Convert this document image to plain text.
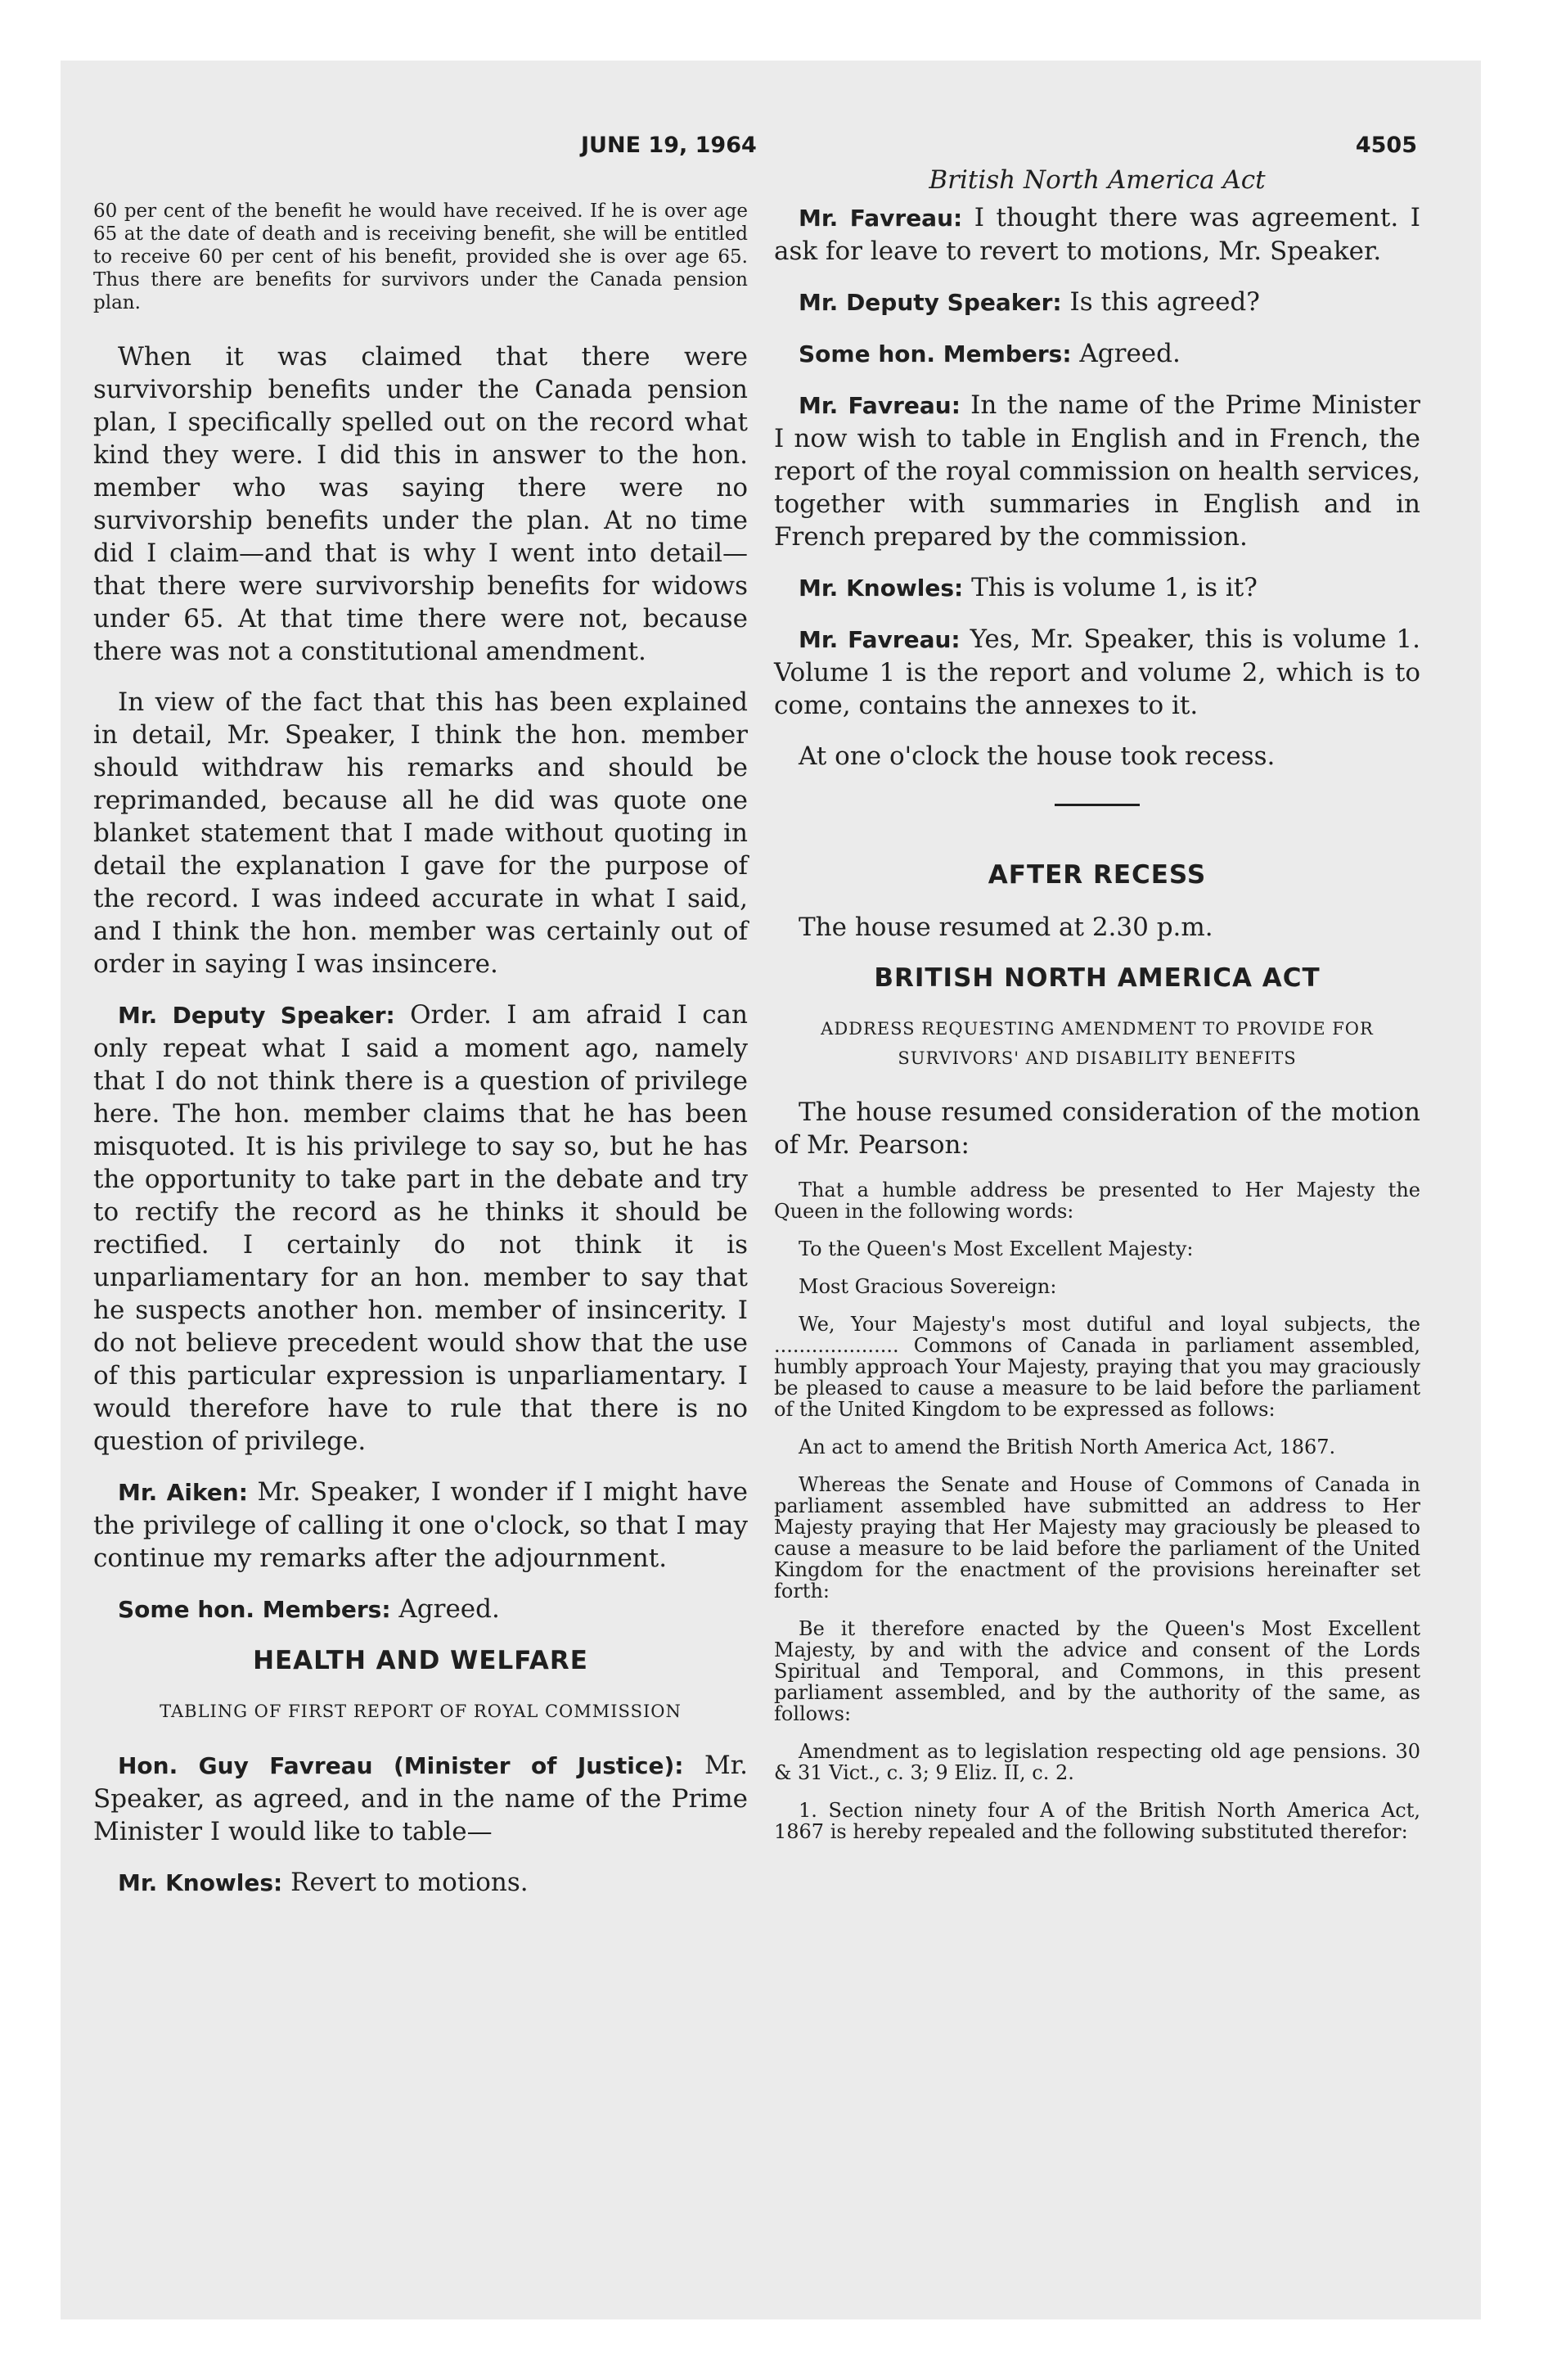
JUNE 19, 1964	4505

60 per cent of the benefit he would have received. If he is over age 65 at the date of death and is receiving benefit, she will be entitled to receive 60 per cent of his benefit, provided she is over age 65. Thus there are benefits for survivors under the Canada pension plan.

When it was claimed that there were survivorship benefits under the Canada pension plan, I specifically spelled out on the record what kind they were. I did this in answer to the hon. member who was saying there were no survivorship benefits under the plan. At no time did I claim—and that is why I went into detail—that there were survivorship benefits for widows under 65. At that time there were not, because there was not a constitutional amendment.

In view of the fact that this has been explained in detail, Mr. Speaker, I think the hon. member should withdraw his remarks and should be reprimanded, because all he did was quote one blanket statement that I made without quoting in detail the explanation I gave for the purpose of the record. I was indeed accurate in what I said, and I think the hon. member was certainly out of order in saying I was insincere.

Mr. Deputy Speaker: Order. I am afraid I can only repeat what I said a moment ago, namely that I do not think there is a question of privilege here. The hon. member claims that he has been misquoted. It is his privilege to say so, but he has the opportunity to take part in the debate and try to rectify the record as he thinks it should be rectified. I certainly do not think it is unparliamentary for an hon. member to say that he suspects another hon. member of insincerity. I do not believe precedent would show that the use of this particular expression is unparliamentary. I would therefore have to rule that there is no question of privilege.

Mr. Aiken: Mr. Speaker, I wonder if I might have the privilege of calling it one o'clock, so that I may continue my remarks after the adjournment.

Some hon. Members: Agreed.

HEALTH AND WELFARE
TABLING OF FIRST REPORT OF ROYAL COMMISSION

Hon. Guy Favreau (Minister of Justice): Mr. Speaker, as agreed, and in the name of the Prime Minister I would like to table—

Mr. Knowles: Revert to motions.

British North America Act

Mr. Favreau: I thought there was agreement. I ask for leave to revert to motions, Mr. Speaker.

Mr. Deputy Speaker: Is this agreed?

Some hon. Members: Agreed.

Mr. Favreau: In the name of the Prime Minister I now wish to table in English and in French, the report of the royal commission on health services, together with summaries in English and in French prepared by the commission.

Mr. Knowles: This is volume 1, is it?

Mr. Favreau: Yes, Mr. Speaker, this is volume 1. Volume 1 is the report and volume 2, which is to come, contains the annexes to it.

At one o'clock the house took recess.

AFTER RECESS

The house resumed at 2.30 p.m.

BRITISH NORTH AMERICA ACT
ADDRESS REQUESTING AMENDMENT TO PROVIDE FOR SURVIVORS' AND DISABILITY BENEFITS

The house resumed consideration of the motion of Mr. Pearson:

That a humble address be presented to Her Majesty the Queen in the following words:

To the Queen's Most Excellent Majesty:

Most Gracious Sovereign:

We, Your Majesty's most dutiful and loyal subjects, the .................... Commons of Canada in parliament assembled, humbly approach Your Majesty, praying that you may graciously be pleased to cause a measure to be laid before the parliament of the United Kingdom to be expressed as follows:

An act to amend the British North America Act, 1867.

Whereas the Senate and House of Commons of Canada in parliament assembled have submitted an address to Her Majesty praying that Her Majesty may graciously be pleased to cause a measure to be laid before the parliament of the United Kingdom for the enactment of the provisions hereinafter set forth:

Be it therefore enacted by the Queen's Most Excellent Majesty, by and with the advice and consent of the Lords Spiritual and Temporal, and Commons, in this present parliament assembled, and by the authority of the same, as follows:

Amendment as to legislation respecting old age pensions. 30 & 31 Vict., c. 3; 9 Eliz. II, c. 2.

1. Section ninety four A of the British North America Act, 1867 is hereby repealed and the following substituted therefor:
